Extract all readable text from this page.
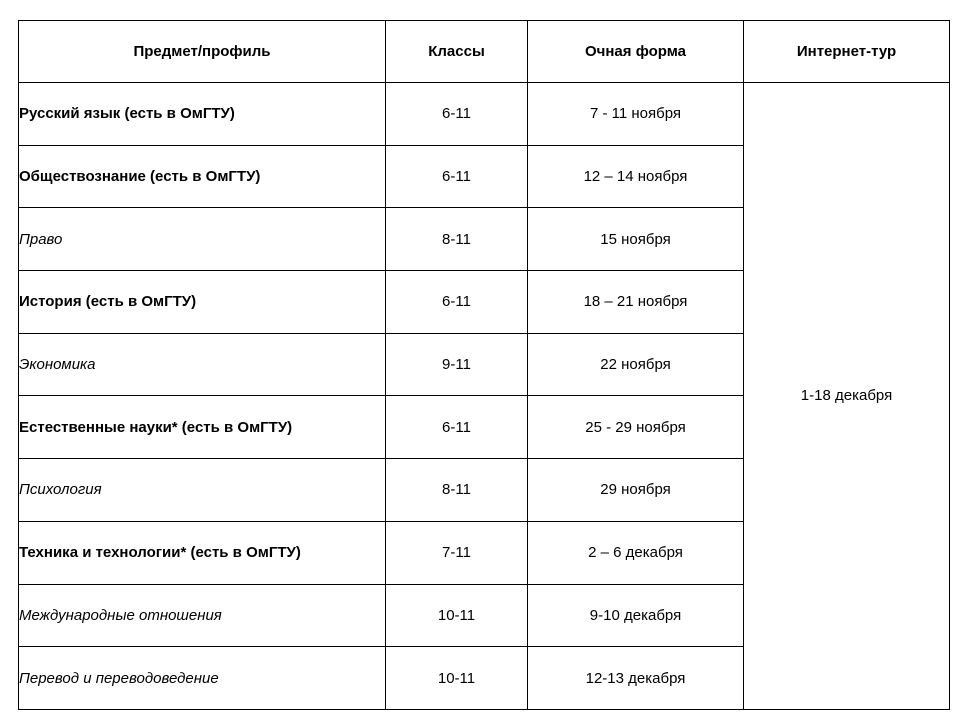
Предмет/профиль	Классы	Очная форма	Интернет-тур
Русский язык (есть в ОмГТУ)	6-11	7 - 11 ноября	1-18 декабря
Обществознание (есть в ОмГТУ)	6-11	12 – 14 ноября	
Право	8-11	15 ноября	
История (есть в ОмГТУ)	6-11	18 – 21 ноября	
Экономика	9-11	22 ноября	
Естественные науки* (есть в ОмГТУ)	6-11	25 - 29 ноября	
Психология	8-11	29 ноября	
Техника и технологии* (есть в ОмГТУ)	7-11	2 – 6 декабря	
Международные отношения	10-11	9-10 декабря	
Перевод и переводоведение	10-11	12-13 декабря	
